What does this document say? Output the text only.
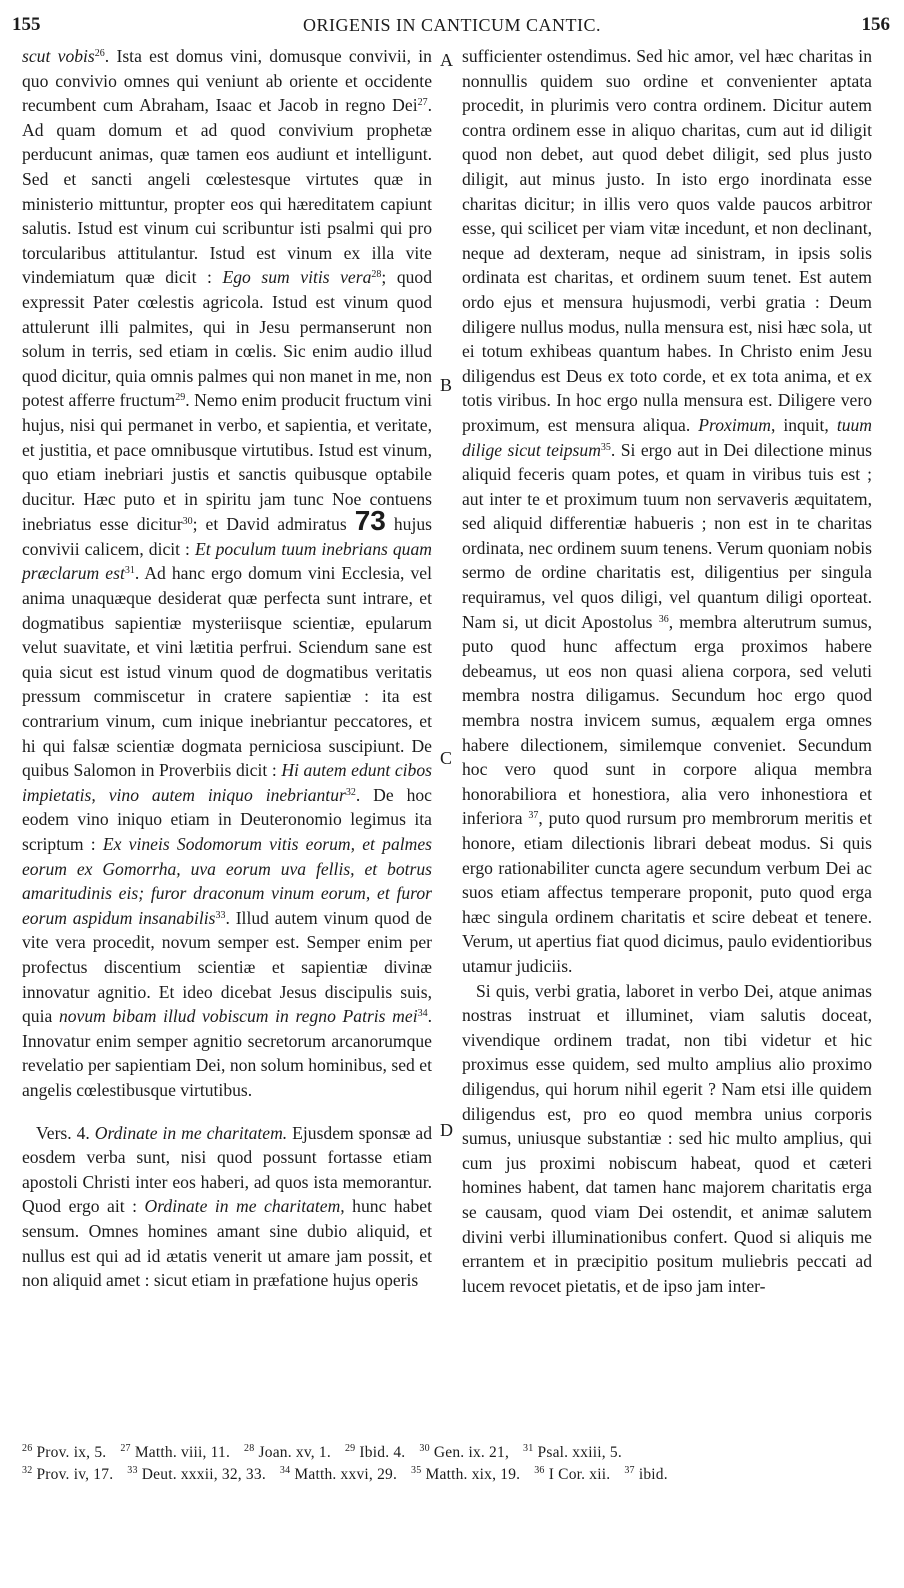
155	ORIGENIS IN CANTICUM CANTIC.	156
A
B
C
D

scut vobis$^{26}$. Ista est domus vini, domusque convivii, in quo convivio omnes qui veniunt ab oriente et occidente recumbent cum Abraham, Isaac et Jacob in regno Dei$^{27}$. Ad quam domum et ad quod convivium prophetæ perducunt animas, quæ tamen eos audiunt et intelligunt. Sed et sancti angeli cœlestesque virtutes quæ in ministerio mittuntur, propter eos qui hæreditatem capiunt salutis. Istud est vinum cui scribuntur isti psalmi qui pro torcularibus attitulantur. Istud est vinum ex illa vite vindemiatum quæ dicit : Ego sum vitis vera$^{28}$; quod expressit Pater cœlestis agricola. Istud est vinum quod attulerunt illi palmites, qui in Jesu permanserunt non solum in terris, sed etiam in cœlis. Sic enim audio illud quod dicitur, quia omnis palmes qui non manet in me, non potest afferre fructum$^{29}$. Nemo enim producit fructum vini hujus, nisi qui permanet in verbo, et sapientia, et veritate, et justitia, et pace omnibusque virtutibus. Istud est vinum, quo etiam inebriari justis et sanctis quibusque optabile ducitur. Hæc puto et in spiritu jam tunc Noe contuens inebriatus esse dicitur$^{30}$; et David admiratus 73 hujus convivii calicem, dicit : Et poculum tuum inebrians quam præclarum est$^{31}$. Ad hanc ergo domum vini Ecclesia, vel anima unaquæque desiderat quæ perfecta sunt intrare, et dogmatibus sapientiæ mysteriisque scientiæ, epularum velut suavitate, et vini lætitia perfrui. Sciendum sane est quia sicut est istud vinum quod de dogmatibus veritatis pressum commiscetur in cratere sapientiæ : ita est contrarium vinum, cum inique inebriantur peccatores, et hi qui falsæ scientiæ dogmata perniciosa suscipiunt. De quibus Salomon in Proverbiis dicit : Hi autem edunt cibos impietatis, vino autem iniquo inebriantur$^{32}$. De hoc eodem vino iniquo etiam in Deuteronomio legimus ita scriptum : Ex vineis Sodomorum vitis eorum, et palmes eorum ex Gomorrha, uva eorum uva fellis, et botrus amaritudinis eis; furor draconum vinum eorum, et furor eorum aspidum insanabilis$^{33}$. Illud autem vinum quod de vite vera procedit, novum semper est. Semper enim per profectus discentium scientiæ et sapientiæ divinæ innovatur agnitio. Et ideo dicebat Jesus discipulis suis, quia novum bibam illud vobiscum in regno Patris mei$^{34}$. Innovatur enim semper agnitio secretorum arcanorumque revelatio per sapientiam Dei, non solum hominibus, sed et angelis cœlestibusque virtutibus.

Vers. 4. Ordinate in me charitatem. Ejusdem sponsæ ad eosdem verba sunt, nisi quod possunt fortasse etiam apostoli Christi inter eos haberi, ad quos ista memorantur. Quod ergo ait : Ordinate in me charitatem, hunc habet sensum. Omnes homines amant sine dubio aliquid, et nullus est qui ad id ætatis venerit ut amare jam possit, et non aliquid amet : sicut etiam in præfatione hujus operis

sufficienter ostendimus. Sed hic amor, vel hæc charitas in nonnullis quidem suo ordine et convenienter aptata procedit, in plurimis vero contra ordinem. Dicitur autem contra ordinem esse in aliquo charitas, cum aut id diligit quod non debet, aut quod debet diligit, sed plus justo diligit, aut minus justo. In isto ergo inordinata esse charitas dicitur; in illis vero quos valde paucos arbitror esse, qui scilicet per viam vitæ incedunt, et non declinant, neque ad dexteram, neque ad sinistram, in ipsis solis ordinata est charitas, et ordinem suum tenet. Est autem ordo ejus et mensura hujusmodi, verbi gratia : Deum diligere nullus modus, nulla mensura est, nisi hæc sola, ut ei totum exhibeas quantum habes. In Christo enim Jesu diligendus est Deus ex toto corde, et ex tota anima, et ex totis viribus. In hoc ergo nulla mensura est. Diligere vero proximum, est mensura aliqua. Proximum, inquit, tuum dilige sicut teipsum$^{35}$. Si ergo aut in Dei dilectione minus aliquid feceris quam potes, et quam in viribus tuis est ; aut inter te et proximum tuum non servaveris æquitatem, sed aliquid differentiæ habueris ; non est in te charitas ordinata, nec ordinem suum tenens. Verum quoniam nobis sermo de ordine charitatis est, diligentius per singula requiramus, vel quos diligi, vel quantum diligi oporteat. Nam si, ut dicit Apostolus $^{36}$, membra alterutrum sumus, puto quod hunc affectum erga proximos habere debeamus, ut eos non quasi aliena corpora, sed veluti membra nostra diligamus. Secundum hoc ergo quod membra nostra invicem sumus, æqualem erga omnes habere dilectionem, similemque conveniet. Secundum hoc vero quod sunt in corpore aliqua membra honorabiliora et honestiora, alia vero inhonestiora et inferiora $^{37}$, puto quod rursum pro membrorum meritis et honore, etiam dilectionis librari debeat modus. Si quis ergo rationabiliter cuncta agere secundum verbum Dei ac suos etiam affectus temperare proponit, puto quod erga hæc singula ordinem charitatis et scire debeat et tenere. Verum, ut apertius fiat quod dicimus, paulo evidentioribus utamur judiciis.

Si quis, verbi gratia, laboret in verbo Dei, atque animas nostras instruat et illuminet, viam salutis doceat, vivendique ordinem tradat, non tibi videtur et hic proximus esse quidem, sed multo amplius alio proximo diligendus, qui horum nihil egerit ? Nam etsi ille quidem diligendus est, pro eo quod membra unius corporis sumus, uniusque substantiæ : sed hic multo amplius, qui cum jus proximi nobiscum habeat, quod et cæteri homines habent, dat tamen hanc majorem charitatis erga se causam, quod viam Dei ostendit, et animæ salutem divini verbi illuminationibus confert. Quod si aliquis me errantem et in præcipitio positum muliebris peccati ad lucem revocet pietatis, et de ipso jam inter-

$^{26}$ Prov. ix, 5. $^{27}$ Matth. viii, 11. $^{28}$ Joan. xv, 1. $^{29}$ Ibid. 4. $^{30}$ Gen. ix. 21, $^{31}$ Psal. xxiii, 5.
$^{32}$ Prov. iv, 17. $^{33}$ Deut. xxxii, 32, 33. $^{34}$ Matth. xxvi, 29. $^{35}$ Matth. xix, 19. $^{36}$ I Cor. xii. $^{37}$ ibid.
